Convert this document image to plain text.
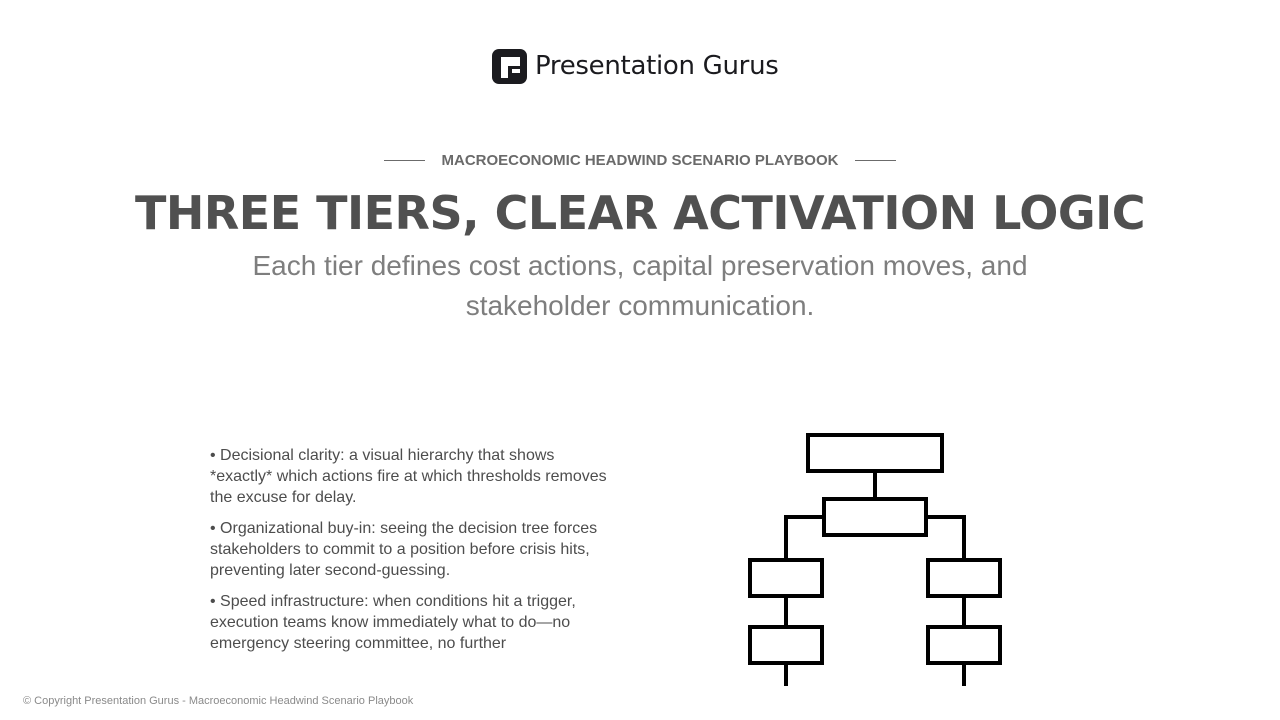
Presentation Gurus
MACROECONOMIC HEADWIND SCENARIO PLAYBOOK
THREE TIERS, CLEAR ACTIVATION LOGIC

Each tier defines cost actions, capital preservation moves, and stakeholder communication.

• Decisional clarity: a visual hierarchy that shows *exactly* which actions fire at which thresholds removes the excuse for delay.

• Organizational buy-in: seeing the decision tree forces stakeholders to commit to a position before crisis hits, preventing later second-guessing.

• Speed infrastructure: when conditions hit a trigger, execution teams know immediately what to do—no emergency steering committee, no further

© Copyright Presentation Gurus - Macroeconomic Headwind Scenario Playbook
